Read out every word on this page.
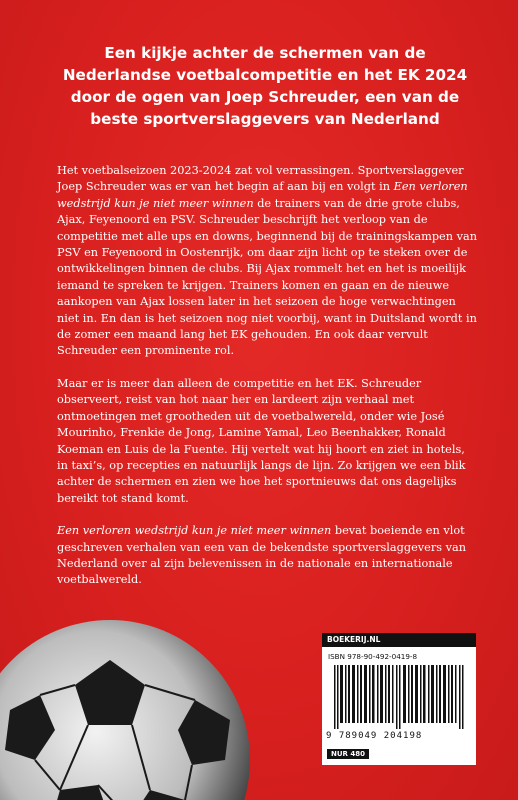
Een kijkje achter de schermen van de
Nederlandse voetbalcompetitie en het EK 2024
door de ogen van Joep Schreuder, een van de
beste sportverslaggevers van Nederland

Het voetbalseizoen 2023-2024 zat vol verrassingen. Sportverslaggever Joep Schreuder was er van het begin af aan bij en volgt in Een verloren wedstrijd kun je niet meer winnen de trainers van de drie grote clubs, Ajax, Feyenoord en PSV. Schreuder beschrijft het verloop van de competitie met alle ups en downs, beginnend bij de trainingskampen van PSV en Feyenoord in Oostenrijk, om daar zijn licht op te steken over de ontwikkelingen binnen de clubs. Bij Ajax rommelt het en het is moeilijk iemand te spreken te krijgen. Trainers komen en gaan en de nieuwe aankopen van Ajax lossen later in het seizoen de hoge verwachtingen niet in. En dan is het seizoen nog niet voorbij, want in Duitsland wordt in de zomer een maand lang het EK gehouden. En ook daar vervult Schreuder een prominente rol.

Maar er is meer dan alleen de competitie en het EK. Schreuder observeert, reist van hot naar her en lardeert zijn verhaal met ontmoetingen met grootheden uit de voetbalwereld, onder wie José Mourinho, Frenkie de Jong, Lamine Yamal, Leo Beenhakker, Ronald Koeman en Luis de la Fuente. Hij vertelt wat hij hoort en ziet in hotels, in taxi’s, op recepties en natuurlijk langs de lijn. Zo krijgen we een blik achter de schermen en zien we hoe het sportnieuws dat ons dagelijks bereikt tot stand komt.

Een verloren wedstrijd kun je niet meer winnen bevat boeiende en vlot geschreven verhalen van een van de bekendste sportverslaggevers van Nederland over al zijn belevenissen in de nationale en internationale voetbalwereld.

BOEKERIJ.NL
ISBN 978-90-492-0419-8
9 789049 204198
NUR 480
